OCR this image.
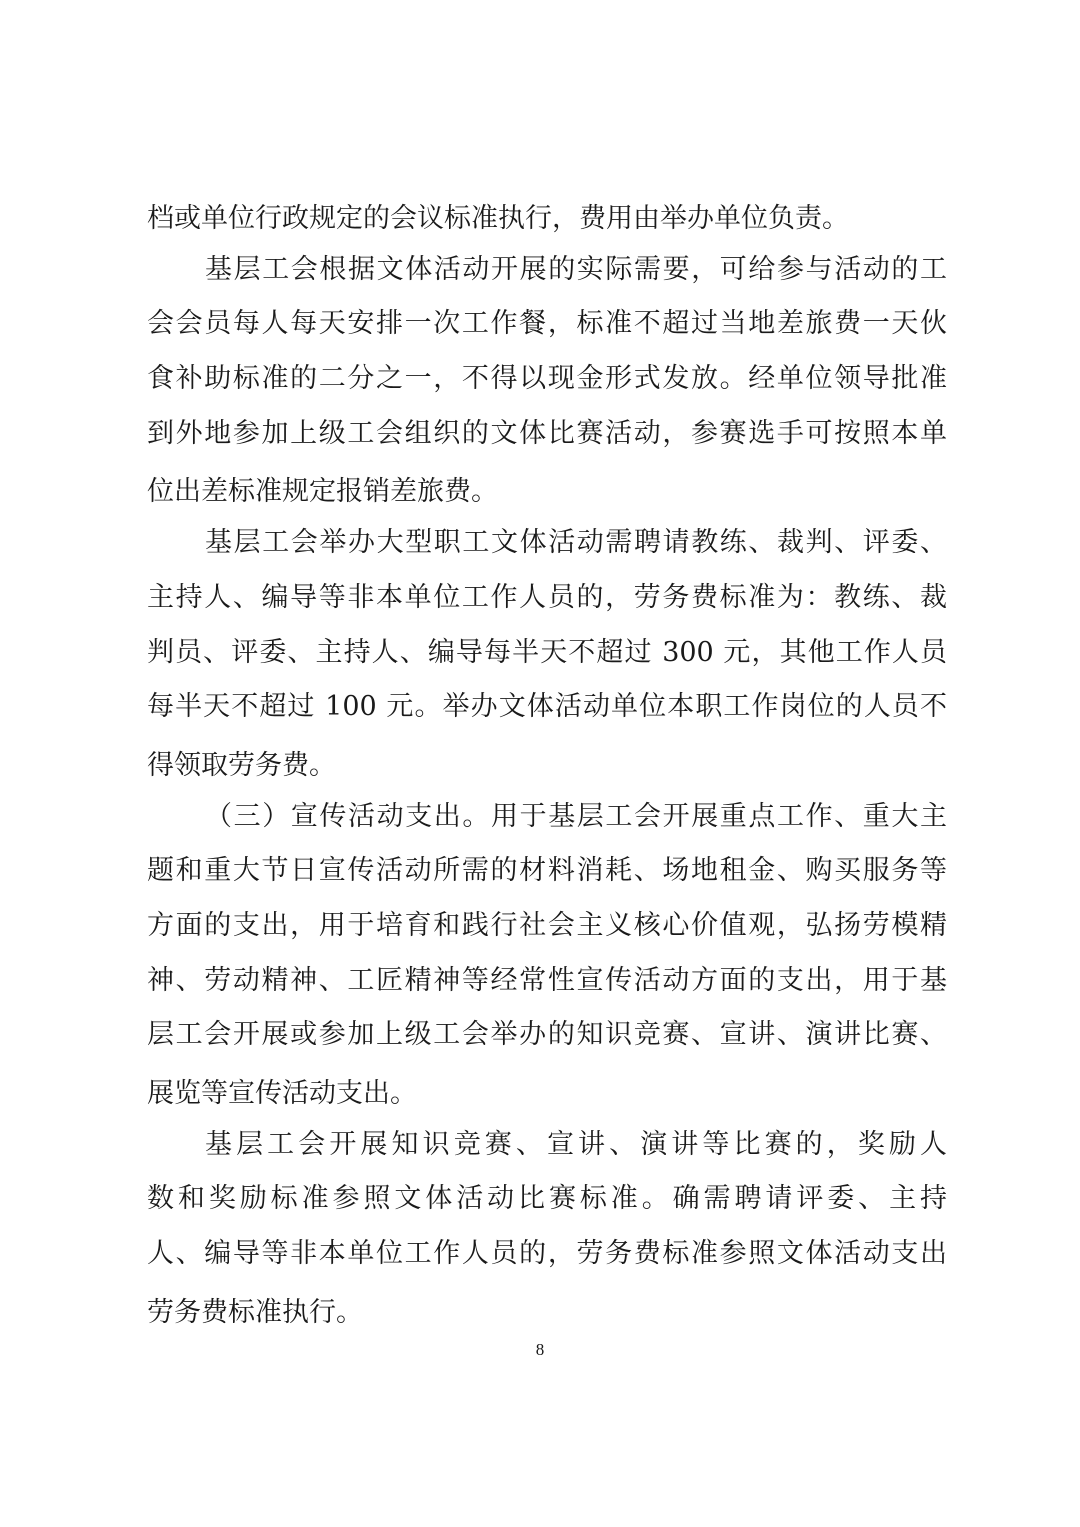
档或单位行政规定的会议标准执行，费用由举办单位负责。
基层工会根据文体活动开展的实际需要，可给参与活动的工
会会员每人每天安排一次工作餐，标准不超过当地差旅费一天伙
食补助标准的二分之一，不得以现金形式发放。经单位领导批准
到外地参加上级工会组织的文体比赛活动，参赛选手可按照本单
位出差标准规定报销差旅费。
基层工会举办大型职工文体活动需聘请教练、裁判、评委、
主持人、编导等非本单位工作人员的，劳务费标准为：教练、裁
判员、评委、主持人、编导每半天不超过 300 元，其他工作人员
每半天不超过 100 元。举办文体活动单位本职工作岗位的人员不
得领取劳务费。
（三）宣传活动支出。用于基层工会开展重点工作、重大主
题和重大节日宣传活动所需的材料消耗、场地租金、购买服务等
方面的支出，用于培育和践行社会主义核心价值观，弘扬劳模精
神、劳动精神、工匠精神等经常性宣传活动方面的支出，用于基
层工会开展或参加上级工会举办的知识竞赛、宣讲、演讲比赛、
展览等宣传活动支出。
基层工会开展知识竞赛、宣讲、演讲等比赛的，奖励人
数和奖励标准参照文体活动比赛标准。确需聘请评委、主持
人、编导等非本单位工作人员的，劳务费标准参照文体活动支出
劳务费标准执行。
8
